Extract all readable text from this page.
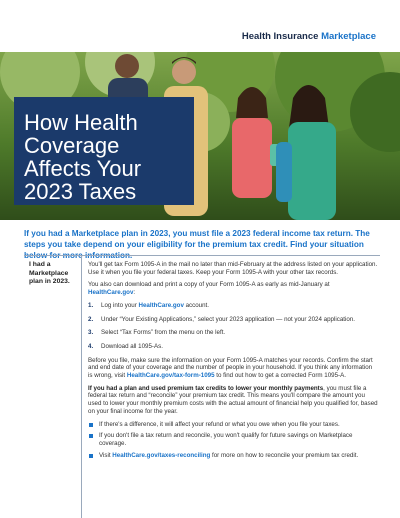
Health Insurance Marketplace
How Health
Coverage
Affects Your
2023 Taxes
If you had a Marketplace plan in 2023, you must file a 2023 federal income tax return. The steps you take depend on your eligibility for the premium tax credit. Find your situation below for more information.
I had a Marketplace plan in 2023.

You'll get tax Form 1095-A in the mail no later than mid-February at the address listed on your application. Use it when you file your federal taxes. Keep your Form 1095-A with your other tax records.

You also can download and print a copy of your Form 1095-A as early as mid-January at HealthCare.gov:

1. Log into your HealthCare.gov account.
2. Under “Your Existing Applications,” select your 2023 application — not your 2024 application.
3. Select “Tax Forms” from the menu on the left.
4. Download all 1095-As.

Before you file, make sure the information on your Form 1095-A matches your records. Confirm the start and end date of your coverage and the number of people in your household. If you think any information is wrong, visit HealthCare.gov/tax-form-1095 to find out how to get a corrected Form 1095-A.

If you had a plan and used premium tax credits to lower your monthly payments, you must file a federal tax return and “reconcile” your premium tax credit. This means you'll compare the amount you used to lower your monthly premium costs with the actual amount of financial help you qualified for, based on your final income for the year.

If there's a difference, it will affect your refund or what you owe when you file your taxes.
If you don't file a tax return and reconcile, you won't qualify for future savings on Marketplace coverage.
Visit HealthCare.gov/taxes-reconciling for more on how to reconcile your premium tax credit.
